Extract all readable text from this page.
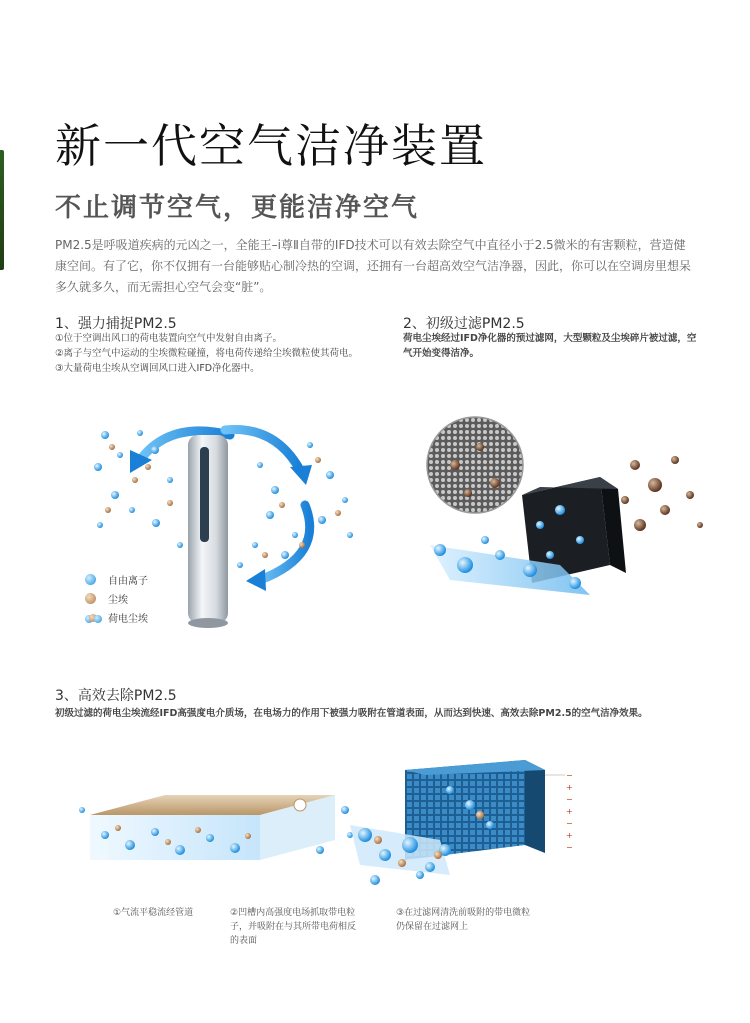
新一代空气洁净装置
不止调节空气，更能洁净空气

PM2.5是呼吸道疾病的元凶之一，全能王–i尊Ⅱ自带的IFD技术可以有效去除空气中直径小于2.5微米的有害颗粒，营造健康空间。有了它，你不仅拥有一台能够贴心制冷热的空调，还拥有一台超高效空气洁净器，因此，你可以在空调房里想呆多久就多久，而无需担心空气会变“脏”。

1、强力捕捉PM2.5
①位于空调出风口的荷电装置向空气中发射自由离子。
②离子与空气中运动的尘埃微粒碰撞，将电荷传递给尘埃微粒使其荷电。
③大量荷电尘埃从空调回风口进入IFD净化器中。
自由离子
尘埃
荷电尘埃
2、初级过滤PM2.5
荷电尘埃经过IFD净化器的预过滤网，大型颗粒及尘埃碎片被过滤，空气开始变得洁净。
3、高效去除PM2.5
初级过滤的荷电尘埃流经IFD高强度电介质场，在电场力的作用下被强力吸附在管道表面，从而达到快速、高效去除PM2.5的空气洁净效果。
−
+
−
+
−
+
−
①气流平稳流经管道	②凹槽内高强度电场抓取带电粒子，并吸附在与其所带电荷相反的表面
③在过滤网清洗前吸附的带电微粒仍保留在过滤网上
